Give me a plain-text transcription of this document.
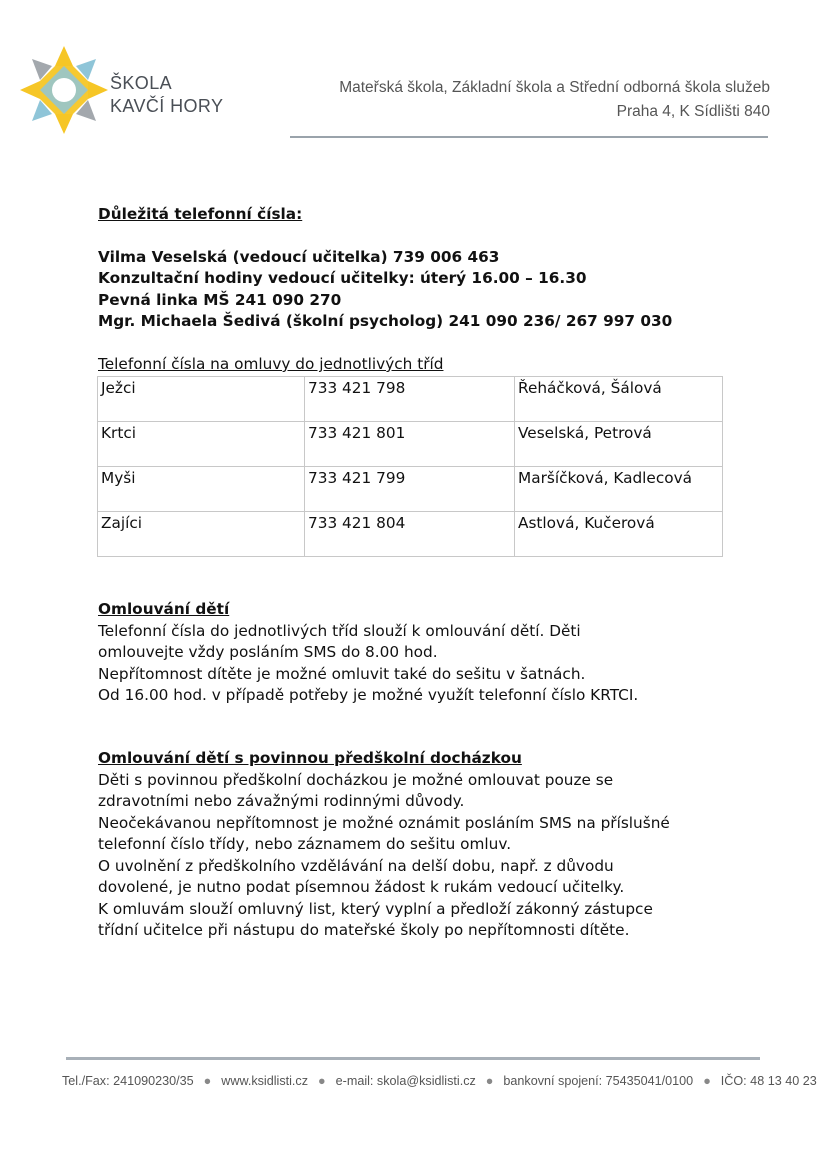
ŠKOLA
KAVČÍ HORY
Mateřská škola, Základní škola a Střední odborná škola služeb
Praha 4, K Sídlišti 840
Důležitá telefonní čísla:
Vilma Veselská (vedoucí učitelka) 739 006 463
Konzultační hodiny vedoucí učitelky: úterý 16.00 – 16.30
Pevná linka MŠ 241 090 270
Mgr. Michaela Šedivá (školní psycholog) 241 090 236/ 267 997 030
Telefonní čísla na omluvy do jednotlivých tříd
Ježci	733 421 798	Řeháčková, Šálová
Krtci	733 421 801	Veselská, Petrová
Myši	733 421 799	Maršíčková, Kadlecová
Zajíci	733 421 804	Astlová, Kučerová
Omlouvání dětí
Telefonní čísla do jednotlivých tříd slouží k omlouvání dětí. Děti
omlouvejte vždy posláním SMS do 8.00 hod.
Nepřítomnost dítěte je možné omluvit také do sešitu v šatnách.
Od 16.00 hod. v případě potřeby je možné využít telefonní číslo KRTCI.
Omlouvání dětí s povinnou předškolní docházkou
Děti s povinnou předškolní docházkou je možné omlouvat pouze se
zdravotními nebo závažnými rodinnými důvody.
Neočekávanou nepřítomnost je možné oznámit posláním SMS na příslušné
telefonní číslo třídy, nebo záznamem do sešitu omluv.
O uvolnění z předškolního vzdělávání na delší dobu, např. z důvodu
dovolené, je nutno podat písemnou žádost k rukám vedoucí učitelky.
K omluvám slouží omluvný list, který vyplní a předloží zákonný zástupce
třídní učitelce při nástupu do mateřské školy po nepřítomnosti dítěte.
Tel./Fax: 241090230/35 ● www.ksidlisti.cz ● e-mail: skola@ksidlisti.cz ● bankovní spojení: 75435041/0100 ● IČO: 48 13 40 23
